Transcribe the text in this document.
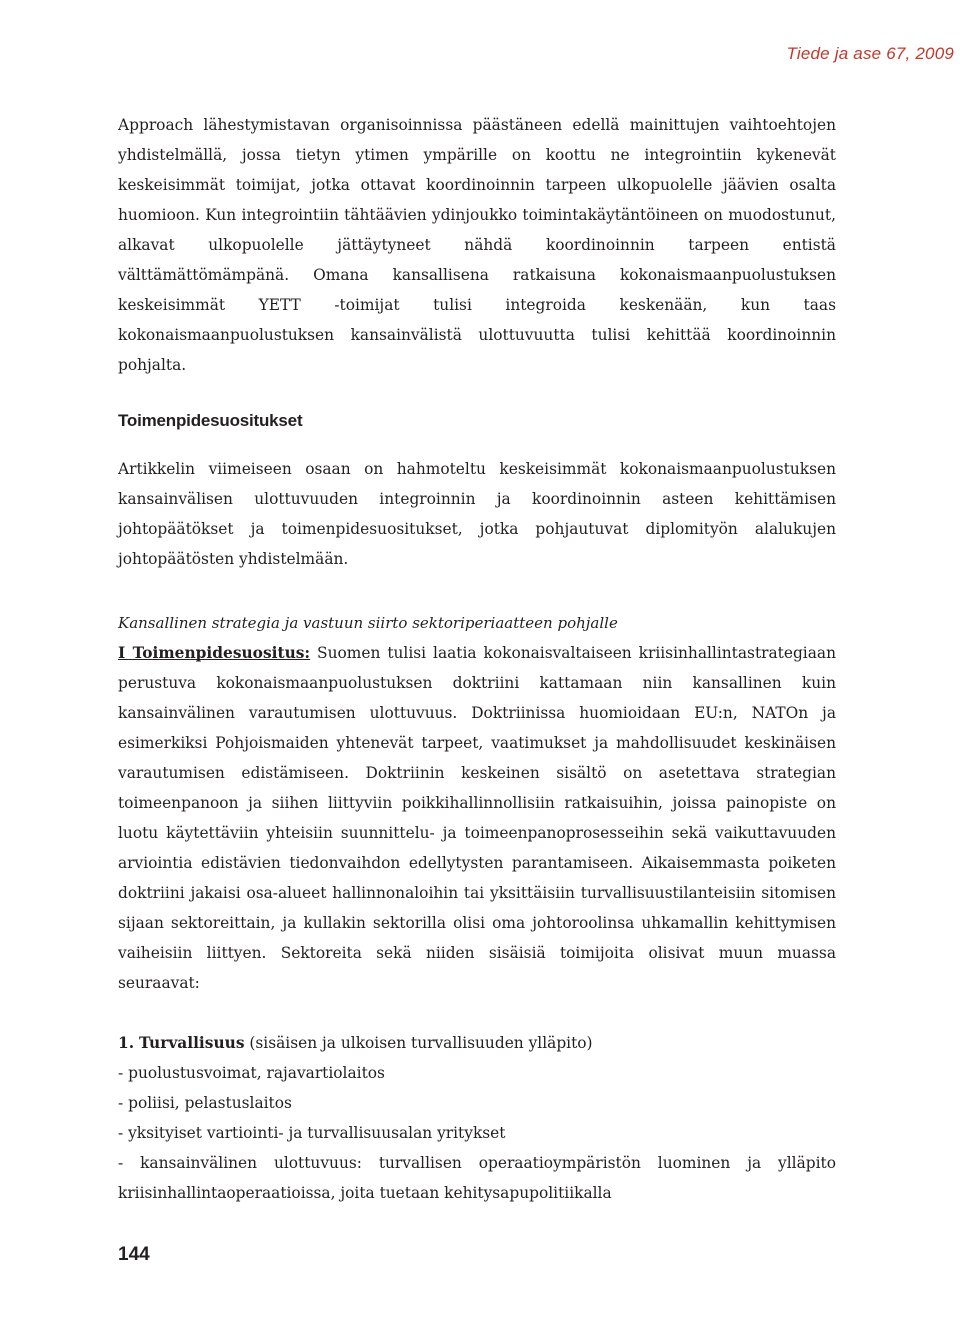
Tiede ja ase 67, 2009

Approach lähestymistavan organisoinnissa päästäneen edellä mainittujen vaihtoehtojen yhdistelmällä, jossa tietyn ytimen ympärille on koottu ne integrointiin kykenevät keskeisimmät toimijat, jotka ottavat koordinoinnin tarpeen ulkopuolelle jäävien osalta huomioon. Kun integrointiin tähtäävien ydinjoukko toimintakäytäntöineen on muodostunut, alkavat ulkopuolelle jättäytyneet nähdä koordinoinnin tarpeen entistä välttämättömämpänä. Omana kansallisena ratkaisuna kokonaismaanpuolustuksen keskeisimmät YETT -toimijat tulisi integroida keskenään, kun taas kokonaismaanpuolustuksen kansainvälistä ulottuvuutta tulisi kehittää koordinoinnin pohjalta.

Toimenpidesuositukset

Artikkelin viimeiseen osaan on hahmoteltu keskeisimmät kokonaismaanpuolustuksen kansainvälisen ulottuvuuden integroinnin ja koordinoinnin asteen kehittämisen johtopäätökset ja toimenpidesuositukset, jotka pohjautuvat diplomityön alalukujen johtopäätösten yhdistelmään.

Kansallinen strategia ja vastuun siirto sektoriperiaatteen pohjalle

I Toimenpidesuositus: Suomen tulisi laatia kokonaisvaltaiseen kriisinhallintastrategiaan perustuva kokonaismaanpuolustuksen doktriini kattamaan niin kansallinen kuin kansainvälinen varautumisen ulottuvuus. Doktriinissa huomioidaan EU:n, NATOn ja esimerkiksi Pohjoismaiden yhtenevät tarpeet, vaatimukset ja mahdollisuudet keskinäisen varautumisen edistämiseen. Doktriinin keskeinen sisältö on asetettava strategian toimeenpanoon ja siihen liittyviin poikkihallinnollisiin ratkaisuihin, joissa painopiste on luotu käytettäviin yhteisiin suunnittelu- ja toimeenpanoprosesseihin sekä vaikuttavuuden arviointia edistävien tiedonvaihdon edellytysten parantamiseen. Aikaisemmasta poiketen doktriini jakaisi osa-alueet hallinnonaloihin tai yksittäisiin turvallisuustilanteisiin sitomisen sijaan sektoreittain, ja kullakin sektorilla olisi oma johtoroolinsa uhkamallin kehittymisen vaiheisiin liittyen. Sektoreita sekä niiden sisäisiä toimijoita olisivat muun muassa seuraavat:

1. Turvallisuus (sisäisen ja ulkoisen turvallisuuden ylläpito)

- puolustusvoimat, rajavartiolaitos

- poliisi, pelastuslaitos

- yksityiset vartiointi- ja turvallisuusalan yritykset

- kansainvälinen ulottuvuus: turvallisen operaatioympäristön luominen ja ylläpito kriisinhallintaoperaatioissa, joita tuetaan kehitysapupolitiikalla

144
